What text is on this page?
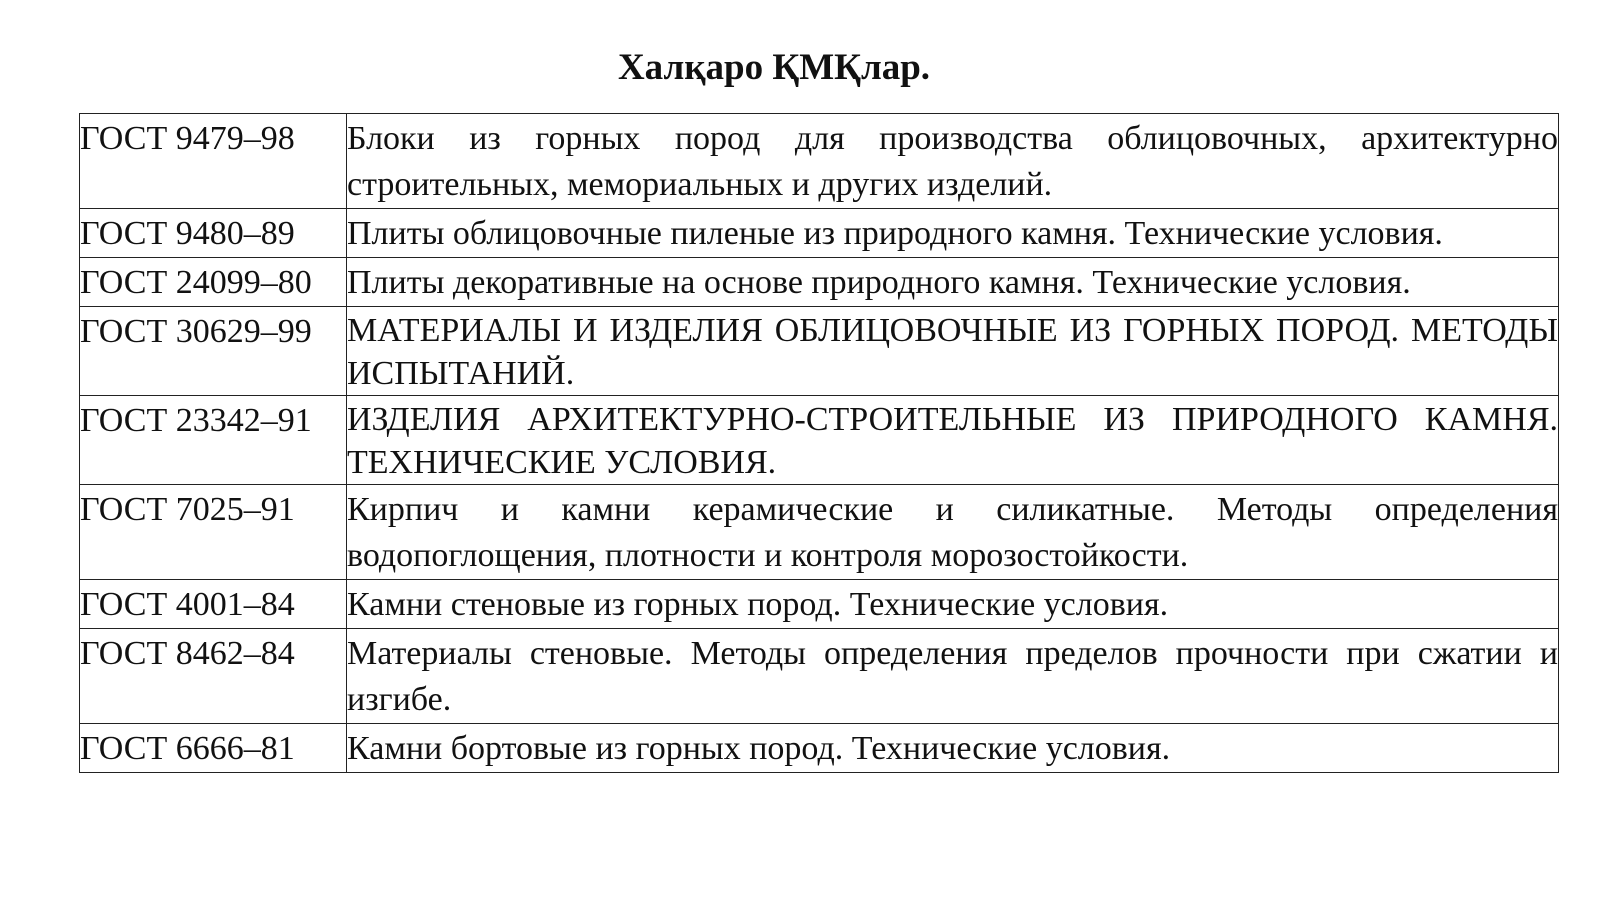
Халқаро ҚМҚлар.
ГОСТ 9479–98	Блоки из горных пород для производства облицовочных, архитектурно строительных, мемориальных и других изделий.
ГОСТ 9480–89	Плиты облицовочные пиленые из природного камня. Технические условия.
ГОСТ 24099–80	Плиты декоративные на основе природного камня. Технические условия.
ГОСТ 30629–99	МАТЕРИАЛЫ И ИЗДЕЛИЯ ОБЛИЦОВОЧНЫЕ ИЗ ГОРНЫХ ПОРОД. МЕТОДЫ ИСПЫТАНИЙ.
ГОСТ 23342–91	ИЗДЕЛИЯ АРХИТЕКТУРНО-СТРОИТЕЛЬНЫЕ ИЗ ПРИРОДНОГО КАМНЯ. ТЕХНИЧЕСКИЕ УСЛОВИЯ.
ГОСТ 7025–91	Кирпич и камни керамические и силикатные. Методы определения водопоглощения, плотности и контроля морозостойкости.
ГОСТ 4001–84	Камни стеновые из горных пород. Технические условия.
ГОСТ 8462–84	Материалы стеновые. Методы определения пределов прочности при сжатии и изгибе.
ГОСТ 6666–81	Камни бортовые из горных пород. Технические условия.
